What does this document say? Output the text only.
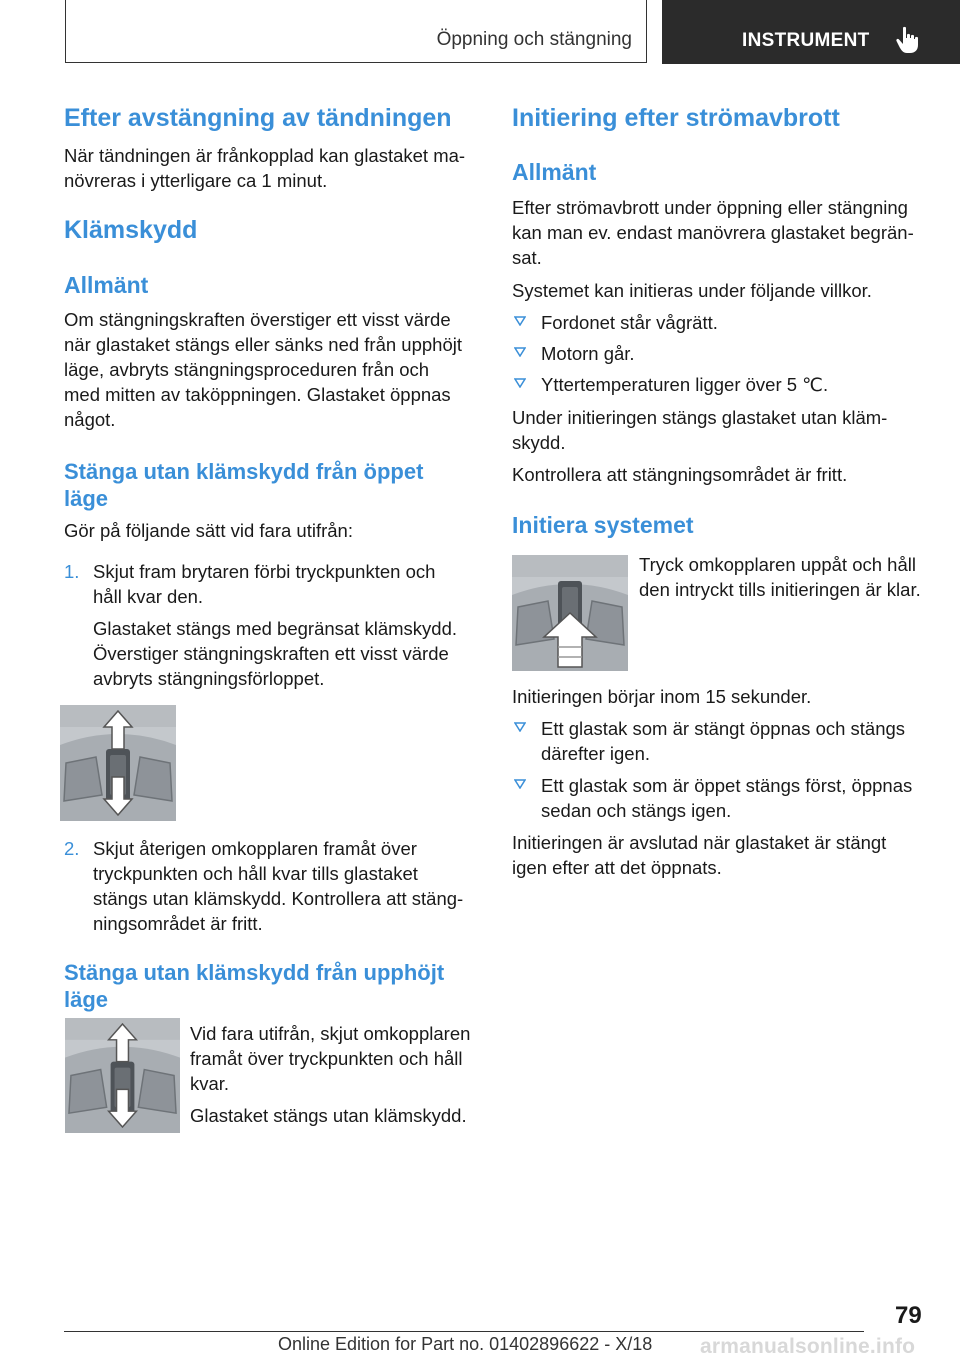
Öppning och stängning	INSTRUMENT
Efter avstängning av tändningen

När tändningen är frånkopplad kan glastaket ma-

növreras i ytterligare ca 1 minut.

Klämskydd
Allmänt

Om stängningskraften överstiger ett visst värde

när glastaket stängs eller sänks ned från upphöjt

läge, avbryts stängningsproceduren från och

med mitten av taköppningen. Glastaket öppnas

något.

Stänga utan klämskydd från öppet
läge

Gör på följande sätt vid fara utifrån:

1. Skjut fram brytaren förbi tryckpunkten och

håll kvar den.

Glastaket stängs med begränsat klämskydd.

Överstiger stängningskraften ett visst värde

avbryts stängningsförloppet.

2. Skjut återigen omkopplaren framåt över

tryckpunkten och håll kvar tills glastaket

stängs utan klämskydd. Kontrollera att stäng-

ningsområdet är fritt.

Stänga utan klämskydd från upphöjt
läge

Vid fara utifrån, skjut omkopplaren

framåt över tryckpunkten och håll

kvar.

Glastaket stängs utan klämskydd.

Initiering efter strömavbrott
Allmänt

Efter strömavbrott under öppning eller stängning

kan man ev. endast manövrera glastaket begrän-

sat.

Systemet kan initieras under följande villkor.

Fordonet står vågrätt.

Motorn går.

Yttertemperaturen ligger över 5 ℃.

Under initieringen stängs glastaket utan kläm-

skydd.

Kontrollera att stängningsområdet är fritt.

Initiera systemet

Tryck omkopplaren uppåt och håll

den intryckt tills initieringen är klar.

Initieringen börjar inom 15 sekunder.

Ett glastak som är stängt öppnas och stängs

därefter igen.

Ett glastak som är öppet stängs först, öppnas

sedan och stängs igen.

Initieringen är avslutad när glastaket är stängt

igen efter att det öppnats.

79
Online Edition for Part no. 01402896622 - X/18 armanualsonline.info
